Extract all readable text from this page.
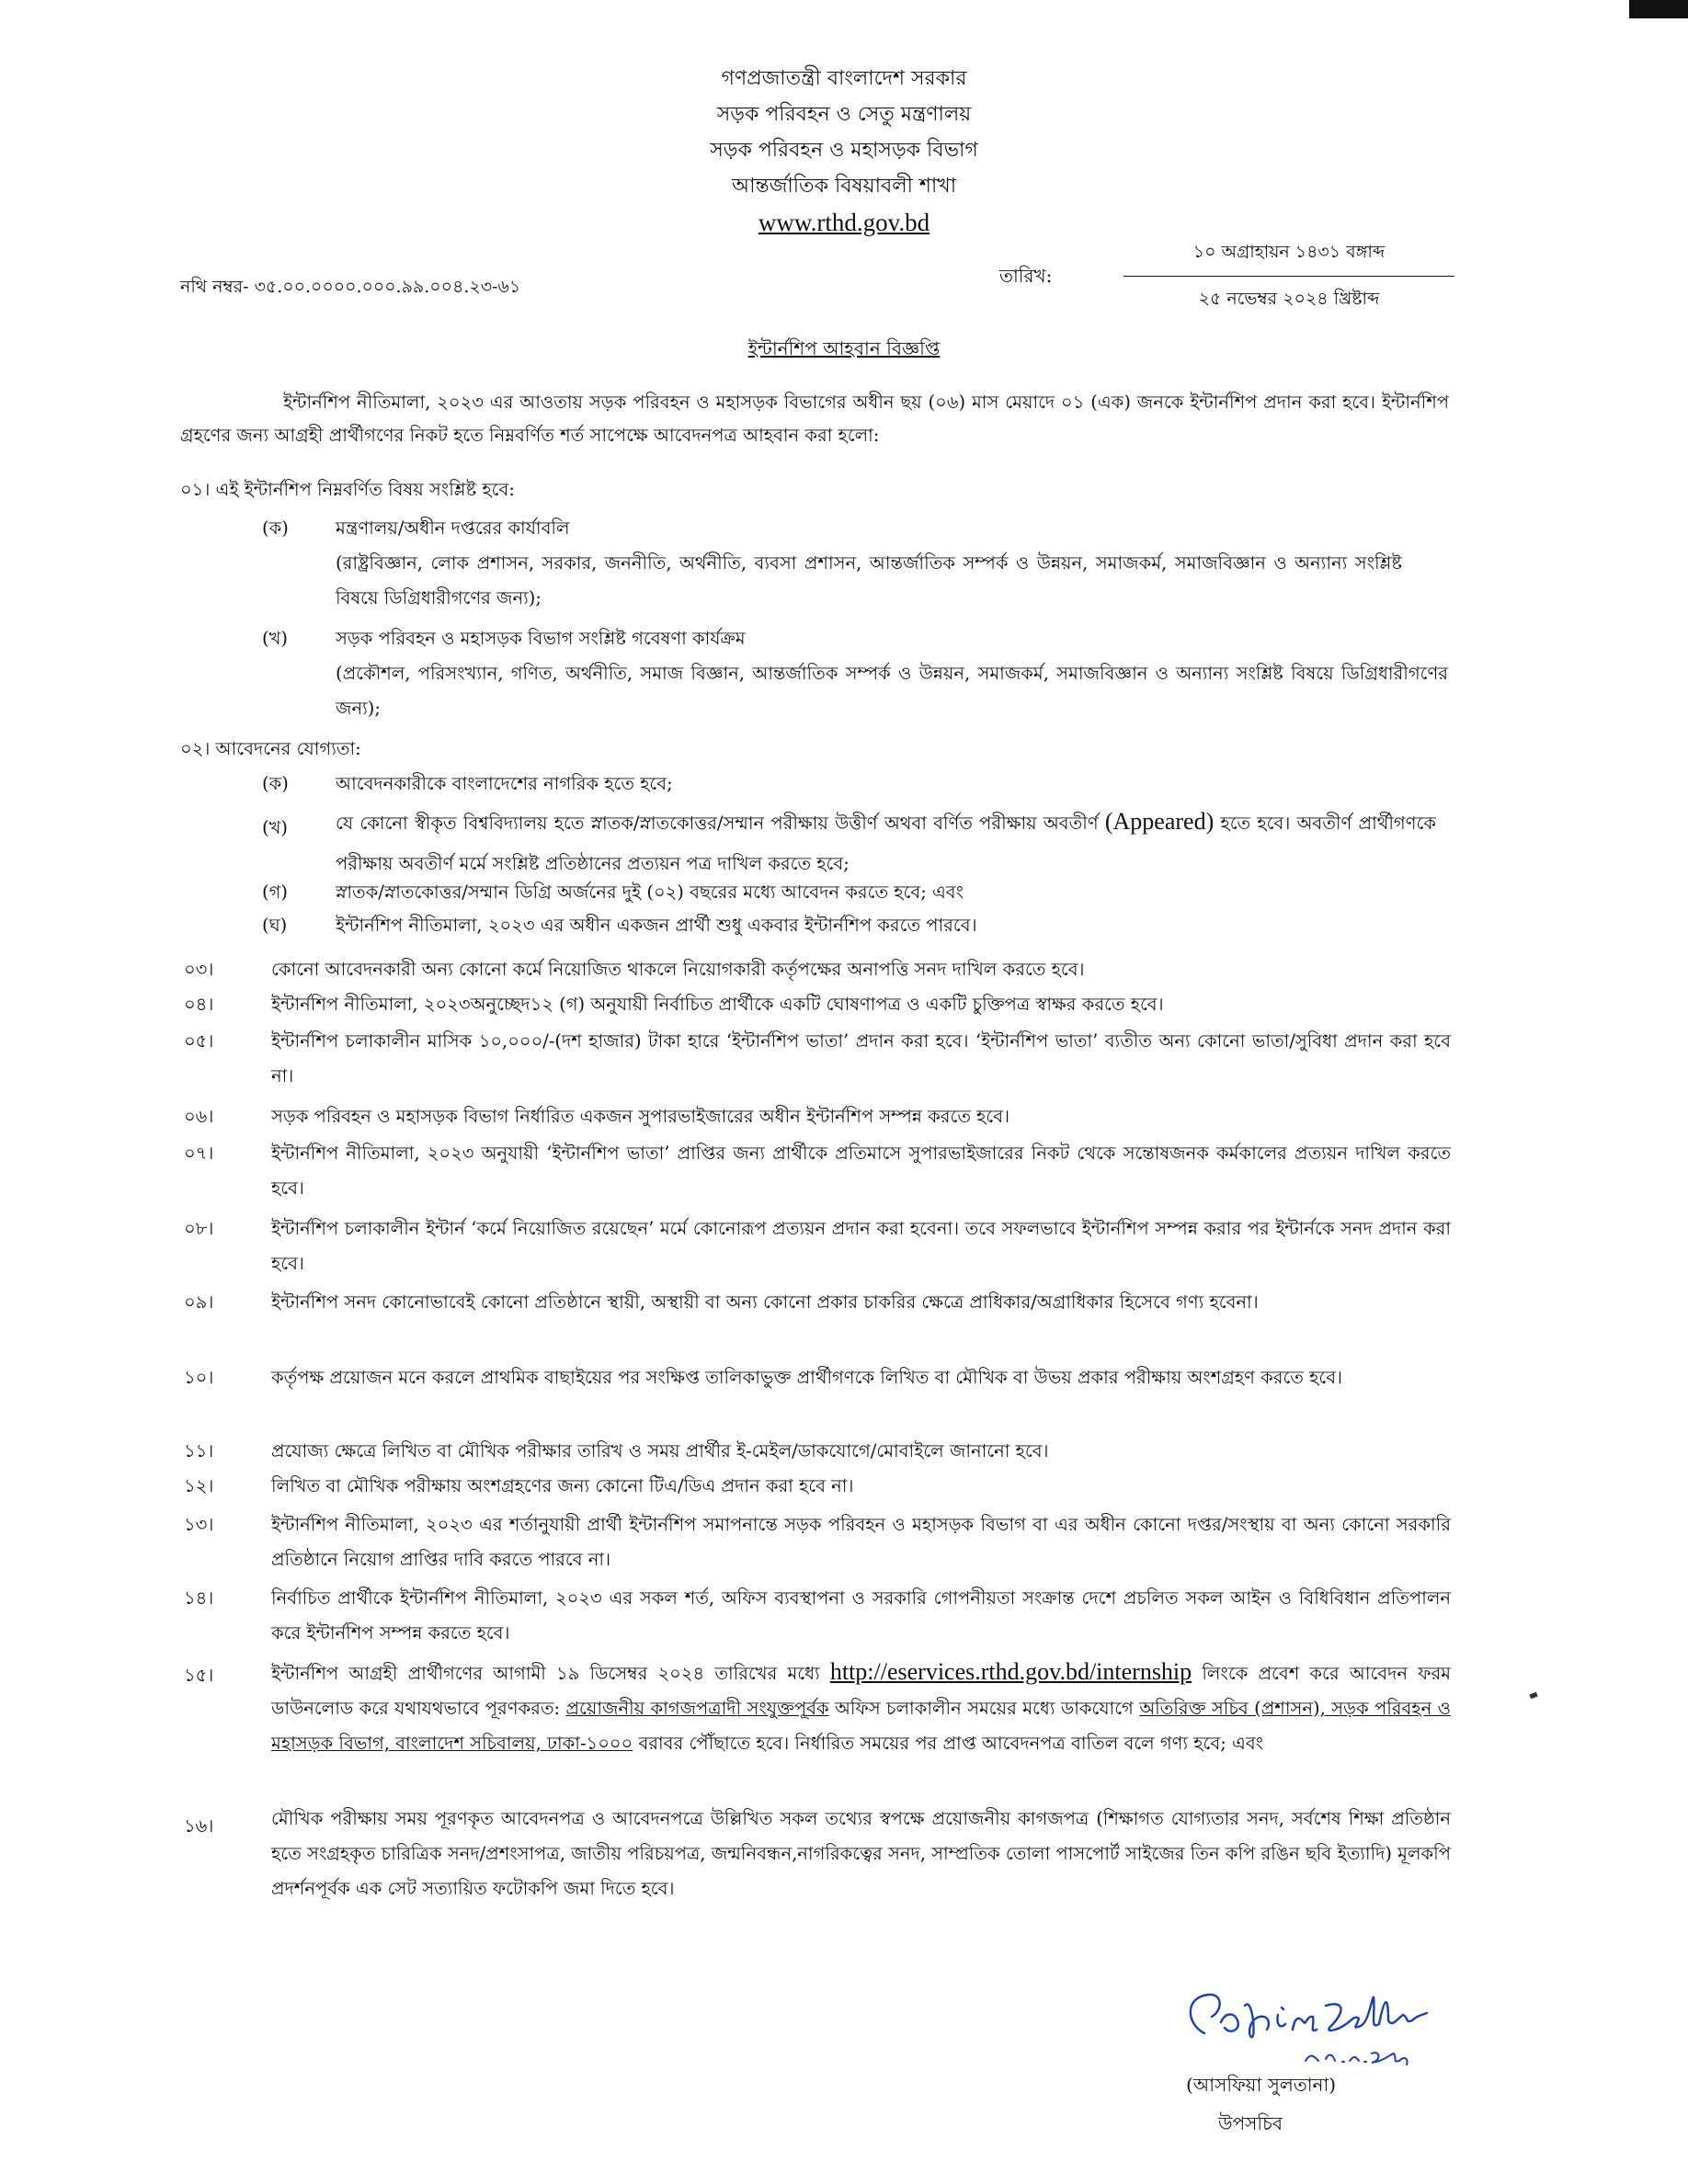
গণপ্রজাতন্ত্রী বাংলাদেশ সরকার
সড়ক পরিবহন ও সেতু মন্ত্রণালয়
সড়ক পরিবহন ও মহাসড়ক বিভাগ
আন্তর্জাতিক বিষয়াবলী শাখা
www.rthd.gov.bd
নথি নম্বর- ৩৫.০০.০০০০.০০০.৯৯.০০৪.২৩-৬১	তারিখ:
১০ অগ্রাহায়ন ১৪৩১ বঙ্গাব্দ
২৫ নভেম্বর ২০২৪ খ্রিষ্টাব্দ
ইন্টার্নশিপ আহবান বিজ্ঞপ্তি
ইন্টার্নশিপ নীতিমালা, ২০২৩ এর আওতায় সড়ক পরিবহন ও মহাসড়ক বিভাগের অধীন ছয় (০৬) মাস মেয়াদে ০১ (এক) জনকে ইন্টার্নশিপ প্রদান করা হবে। ইন্টার্নশিপ গ্রহণের জন্য আগ্রহী প্রার্থীগণের নিকট হতে নিম্নবর্ণিত শর্ত সাপেক্ষে আবেদনপত্র আহবান করা হলো:
০১। এই ইন্টার্নশিপ নিম্নবর্ণিত বিষয় সংশ্লিষ্ট হবে:
(ক)	মন্ত্রণালয়/অধীন দপ্তরের কার্যাবলি
(রাষ্ট্রবিজ্ঞান, লোক প্রশাসন, সরকার, জননীতি, অর্থনীতি, ব্যবসা প্রশাসন, আন্তর্জাতিক সম্পর্ক ও উন্নয়ন, সমাজকর্ম, সমাজবিজ্ঞান ও অন্যান্য সংশ্লিষ্ট বিষয়ে ডিগ্রিধারীগণের জন্য);
(খ)	সড়ক পরিবহন ও মহাসড়ক বিভাগ সংশ্লিষ্ট গবেষণা কার্যক্রম
(প্রকৌশল, পরিসংখ্যান, গণিত, অর্থনীতি, সমাজ বিজ্ঞান, আন্তর্জাতিক সম্পর্ক ও উন্নয়ন, সমাজকর্ম, সমাজবিজ্ঞান ও অন্যান্য সংশ্লিষ্ট বিষয়ে ডিগ্রিধারীগণের জন্য);
০২। আবেদনের যোগ্যতা:
(ক)	আবেদনকারীকে বাংলাদেশের নাগরিক হতে হবে;
(খ)	যে কোনো স্বীকৃত বিশ্ববিদ্যালয় হতে স্নাতক/স্নাতকোত্তর/সম্মান পরীক্ষায় উত্তীর্ণ অথবা বর্ণিত পরীক্ষায় অবতীর্ণ (Appeared) হতে হবে। অবতীর্ণ প্রার্থীগণকে পরীক্ষায় অবতীর্ণ মর্মে সংশ্লিষ্ট প্রতিষ্ঠানের প্রত্যয়ন পত্র দাখিল করতে হবে;
(গ)	স্নাতক/স্নাতকোত্তর/সম্মান ডিগ্রি অর্জনের দুই (০২) বছরের মধ্যে আবেদন করতে হবে; এবং
(ঘ)	ইন্টার্নশিপ নীতিমালা, ২০২৩ এর অধীন একজন প্রার্থী শুধু একবার ইন্টার্নশিপ করতে পারবে।
০৩।	কোনো আবেদনকারী অন্য কোনো কর্মে নিয়োজিত থাকলে নিয়োগকারী কর্তৃপক্ষের অনাপত্তি সনদ দাখিল করতে হবে।
০৪।	ইন্টার্নশিপ নীতিমালা, ২০২৩অনুচ্ছেদ১২ (গ) অনুযায়ী নির্বাচিত প্রার্থীকে একটি ঘোষণাপত্র ও একটি চুক্তিপত্র স্বাক্ষর করতে হবে।
০৫।	ইন্টার্নশিপ চলাকালীন মাসিক ১০,০০০/-(দশ হাজার) টাকা হারে ‘ইন্টার্নশিপ ভাতা’ প্রদান করা হবে। ‘ইন্টার্নশিপ ভাতা’ ব্যতীত অন্য কোনো ভাতা/সুবিধা প্রদান করা হবে না।
০৬।	সড়ক পরিবহন ও মহাসড়ক বিভাগ নির্ধারিত একজন সুপারভাইজারের অধীন ইন্টার্নশিপ সম্পন্ন করতে হবে।
০৭।	ইন্টার্নশিপ নীতিমালা, ২০২৩ অনুযায়ী ‘ইন্টার্নশিপ ভাতা’ প্রাপ্তির জন্য প্রার্থীকে প্রতিমাসে সুপারভাইজারের নিকট থেকে সন্তোষজনক কর্মকালের প্রত্যয়ন দাখিল করতে হবে।
০৮।	ইন্টার্নশিপ চলাকালীন ইন্টার্ন ‘কর্মে নিয়োজিত রয়েছেন’ মর্মে কোনোরূপ প্রত্যয়ন প্রদান করা হবেনা। তবে সফলভাবে ইন্টার্নশিপ সম্পন্ন করার পর ইন্টার্নকে সনদ প্রদান করা হবে।
০৯।	ইন্টার্নশিপ সনদ কোনোভাবেই কোনো প্রতিষ্ঠানে স্থায়ী, অস্থায়ী বা অন্য কোনো প্রকার চাকরির ক্ষেত্রে প্রাধিকার/অগ্রাধিকার হিসেবে গণ্য হবেনা।
১০।	কর্তৃপক্ষ প্রয়োজন মনে করলে প্রাথমিক বাছাইয়ের পর সংক্ষিপ্ত তালিকাভুক্ত প্রার্থীগণকে লিখিত বা মৌখিক বা উভয় প্রকার পরীক্ষায় অংশগ্রহণ করতে হবে।
১১।	প্রযোজ্য ক্ষেত্রে লিখিত বা মৌখিক পরীক্ষার তারিখ ও সময় প্রার্থীর ই-মেইল/ডাকযোগে/মোবাইলে জানানো হবে।
১২।	লিখিত বা মৌখিক পরীক্ষায় অংশগ্রহণের জন্য কোনো টিএ/ডিএ প্রদান করা হবে না।
১৩।	ইন্টার্নশিপ নীতিমালা, ২০২৩ এর শর্তানুযায়ী প্রার্থী ইন্টার্নশিপ সমাপনান্তে সড়ক পরিবহন ও মহাসড়ক বিভাগ বা এর অধীন কোনো দপ্তর/সংস্থায় বা অন্য কোনো সরকারি প্রতিষ্ঠানে নিয়োগ প্রাপ্তির দাবি করতে পারবে না।
১৪।	নির্বাচিত প্রার্থীকে ইন্টার্নশিপ নীতিমালা, ২০২৩ এর সকল শর্ত, অফিস ব্যবস্থাপনা ও সরকারি গোপনীয়তা সংক্রান্ত দেশে প্রচলিত সকল আইন ও বিধিবিধান প্রতিপালন করে ইন্টার্নশিপ সম্পন্ন করতে হবে।
১৫।	ইন্টার্নশিপ আগ্রহী প্রার্থীগণের আগামী ১৯ ডিসেম্বর ২০২৪ তারিখের মধ্যে http://eservices.rthd.gov.bd/internship লিংকে প্রবেশ করে আবেদন ফরম ডাউনলোড করে যথাযথভাবে পূরণকরত: প্রয়োজনীয় কাগজপত্রাদী সংযুক্তপূর্বক অফিস চলাকালীন সময়ের মধ্যে ডাকযোগে অতিরিক্ত সচিব (প্রশাসন), সড়ক পরিবহন ও মহাসড়ক বিভাগ, বাংলাদেশ সচিবালয়, ঢাকা-১০০০ বরাবর পৌঁছাতে হবে। নির্ধারিত সময়ের পর প্রাপ্ত আবেদনপত্র বাতিল বলে গণ্য হবে; এবং
১৬।	মৌখিক পরীক্ষায় সময় পূরণকৃত আবেদনপত্র ও আবেদনপত্রে উল্লিখিত সকল তথ্যের স্বপক্ষে প্রয়োজনীয় কাগজপত্র (শিক্ষাগত যোগ্যতার সনদ, সর্বশেষ শিক্ষা প্রতিষ্ঠান হতে সংগ্রহকৃত চারিত্রিক সনদ/প্রশংসাপত্র, জাতীয় পরিচয়পত্র, জন্মনিবন্ধন,নাগরিকত্বের সনদ, সাম্প্রতিক তোলা পাসপোর্ট সাইজের তিন কপি রঙিন ছবি ইত্যাদি) মূলকপি প্রদর্শনপূর্বক এক সেট সত্যায়িত ফটোকপি জমা দিতে হবে।
(আসফিয়া সুলতানা)
উপসচিব
